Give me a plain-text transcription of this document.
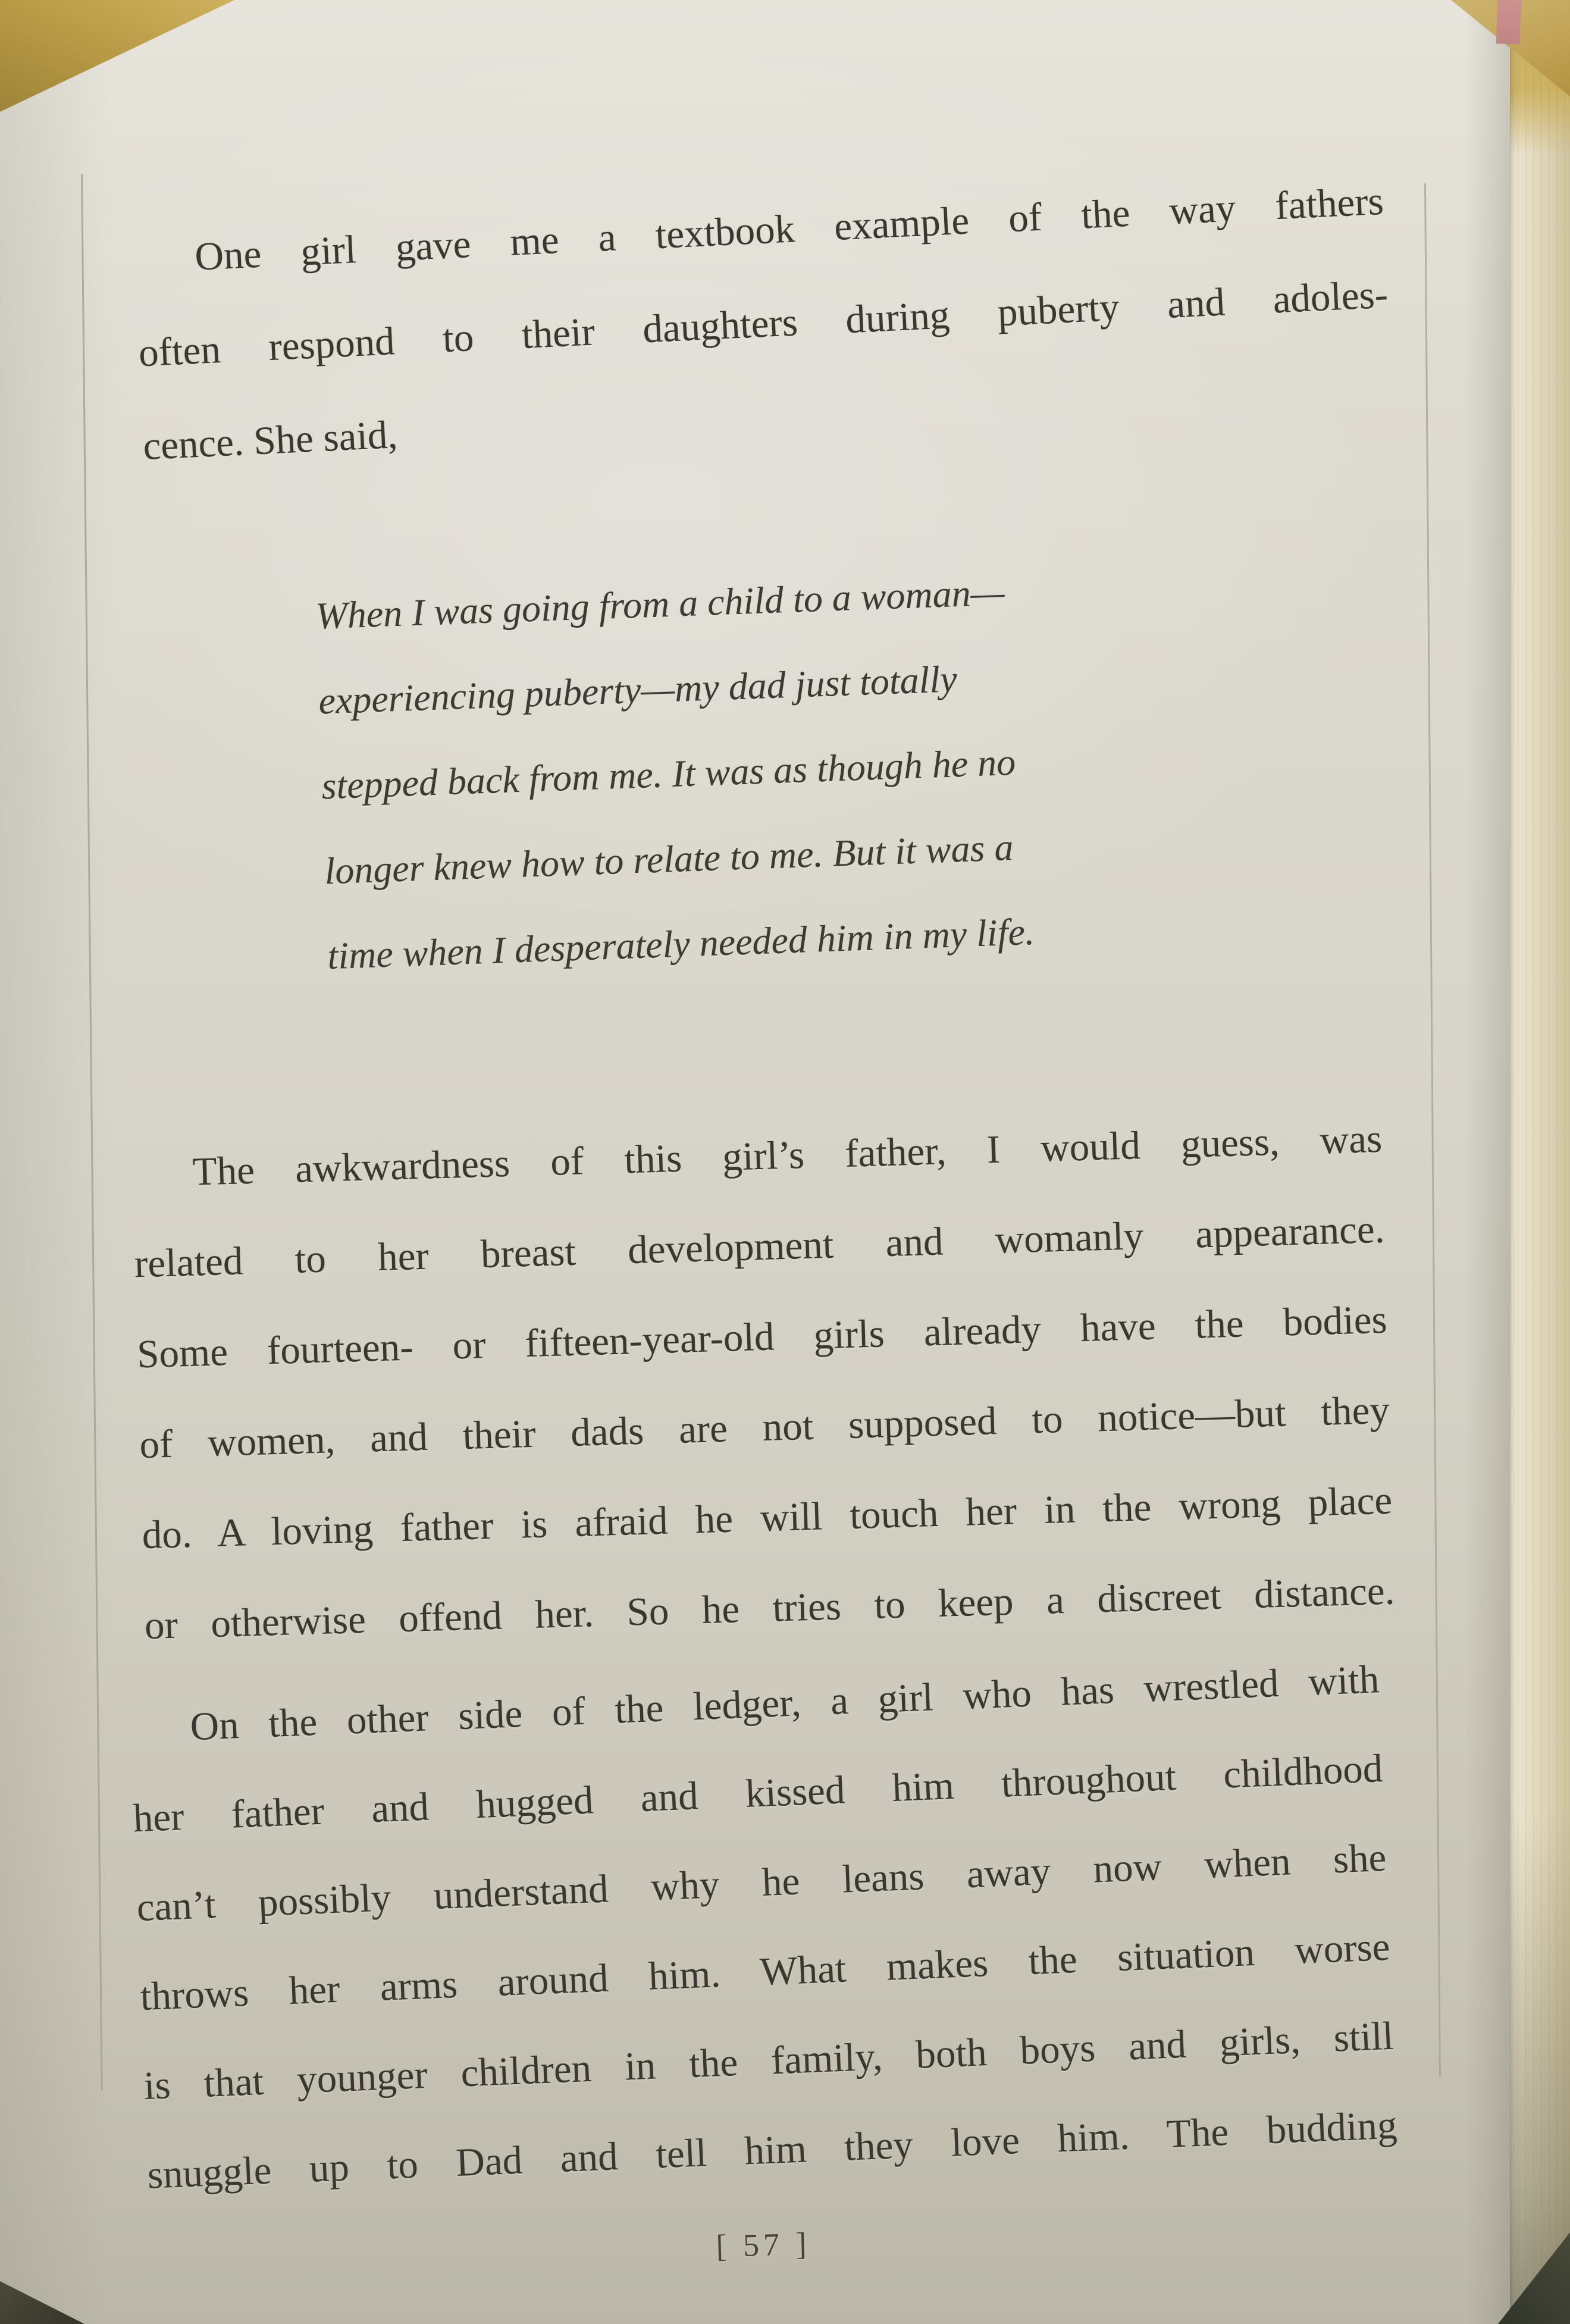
One girl gave me a textbook example of the way fathers
often respond to their daughters during puberty and adoles-
cence. She said,

When I was going from a child to a woman—
experiencing puberty—my dad just totally
stepped back from me. It was as though he no
longer knew how to relate to me. But it was a
time when I desperately needed him in my life.

The awkwardness of this girl’s father, I would guess, was
related to her breast development and womanly appearance.
Some fourteen- or fifteen-year-old girls already have the bodies
of women, and their dads are not supposed to notice—but they
do. A loving father is afraid he will touch her in the wrong place
or otherwise offend her. So he tries to keep a discreet distance.

On the other side of the ledger, a girl who has wrestled with
her father and hugged and kissed him throughout childhood
can’t possibly understand why he leans away now when she
throws her arms around him. What makes the situation worse
is that younger children in the family, both boys and girls, still
snuggle up to Dad and tell him they love him. The budding

[ 57 ]
